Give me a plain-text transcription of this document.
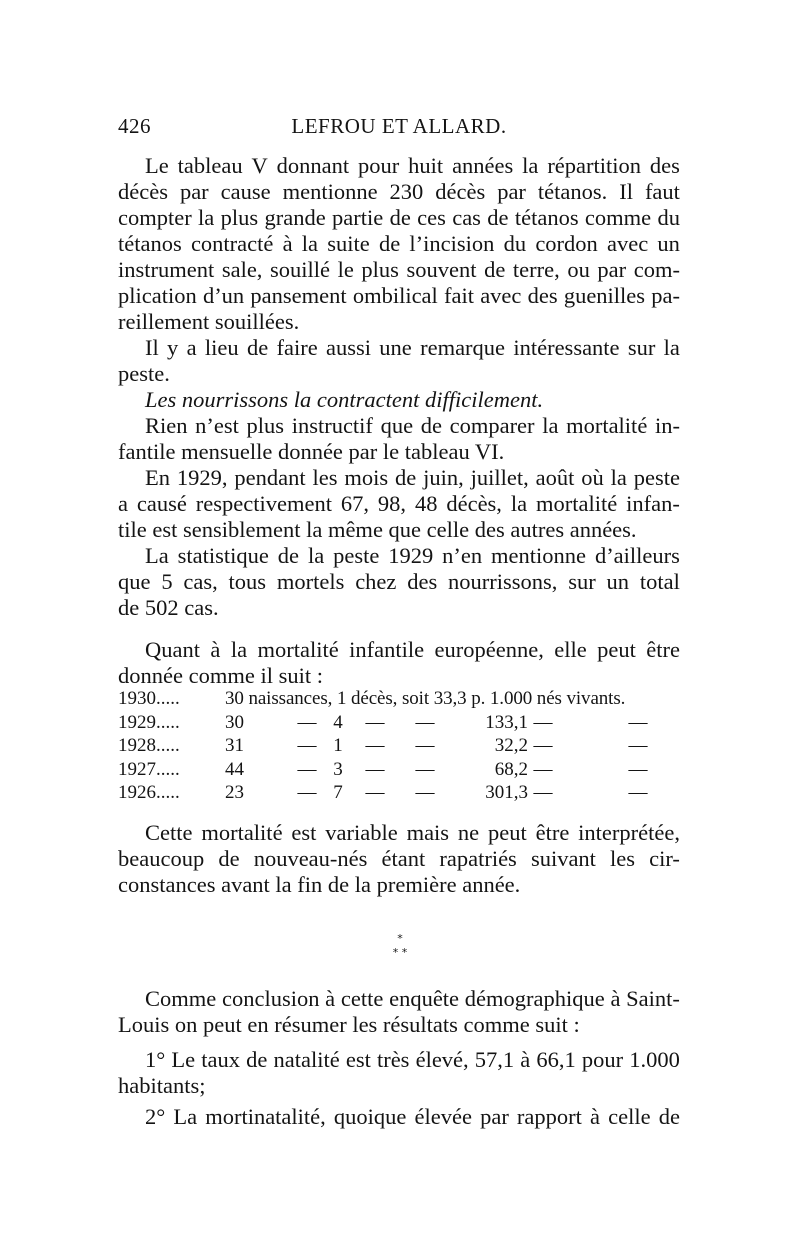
426	LEFROU ET ALLARD.
Le tableau V donnant pour huit années la répartition des
décès par cause mentionne 230 décès par tétanos. Il faut
compter la plus grande partie de ces cas de tétanos comme du
tétanos contracté à la suite de l’incision du cordon avec un
instrument sale, souillé le plus souvent de terre, ou par com-
plication d’un pansement ombilical fait avec des guenilles pa-
reillement souillées.
Il y a lieu de faire aussi une remarque intéressante sur la
peste.
Les nourrissons la contractent difficilement.
Rien n’est plus instructif que de comparer la mortalité in-
fantile mensuelle donnée par le tableau VI.
En 1929, pendant les mois de juin, juillet, août où la peste
a causé respectivement 67, 98, 48 décès, la mortalité infan-
tile est sensiblement la même que celle des autres années.
La statistique de la peste 1929 n’en mentionne d’ailleurs
que 5 cas, tous mortels chez des nourrissons, sur un total
de 502 cas.
Quant à la mortalité infantile européenne, elle peut être
donnée comme il suit :
1930..... 30 naissances, 1 décès, soit 33,3 p. 1.000 nés vivants.
1929..... 30	— 4	—	—	133,1 —	—
1928..... 31	— 1	—	—	32,2 —	—
1927..... 44	— 3	—	—	68,2 —	—
1926..... 23	— 7	—	—	301,3 —	—
Cette mortalité est variable mais ne peut être interprétée,
beaucoup de nouveau-nés étant rapatriés suivant les cir-
constances avant la fin de la première année.
*
* *
Comme conclusion à cette enquête démographique à Saint-
Louis on peut en résumer les résultats comme suit :
1° Le taux de natalité est très élevé, 57,1 à 66,1 pour 1.000
habitants;
2° La mortinatalité, quoique élevée par rapport à celle de
